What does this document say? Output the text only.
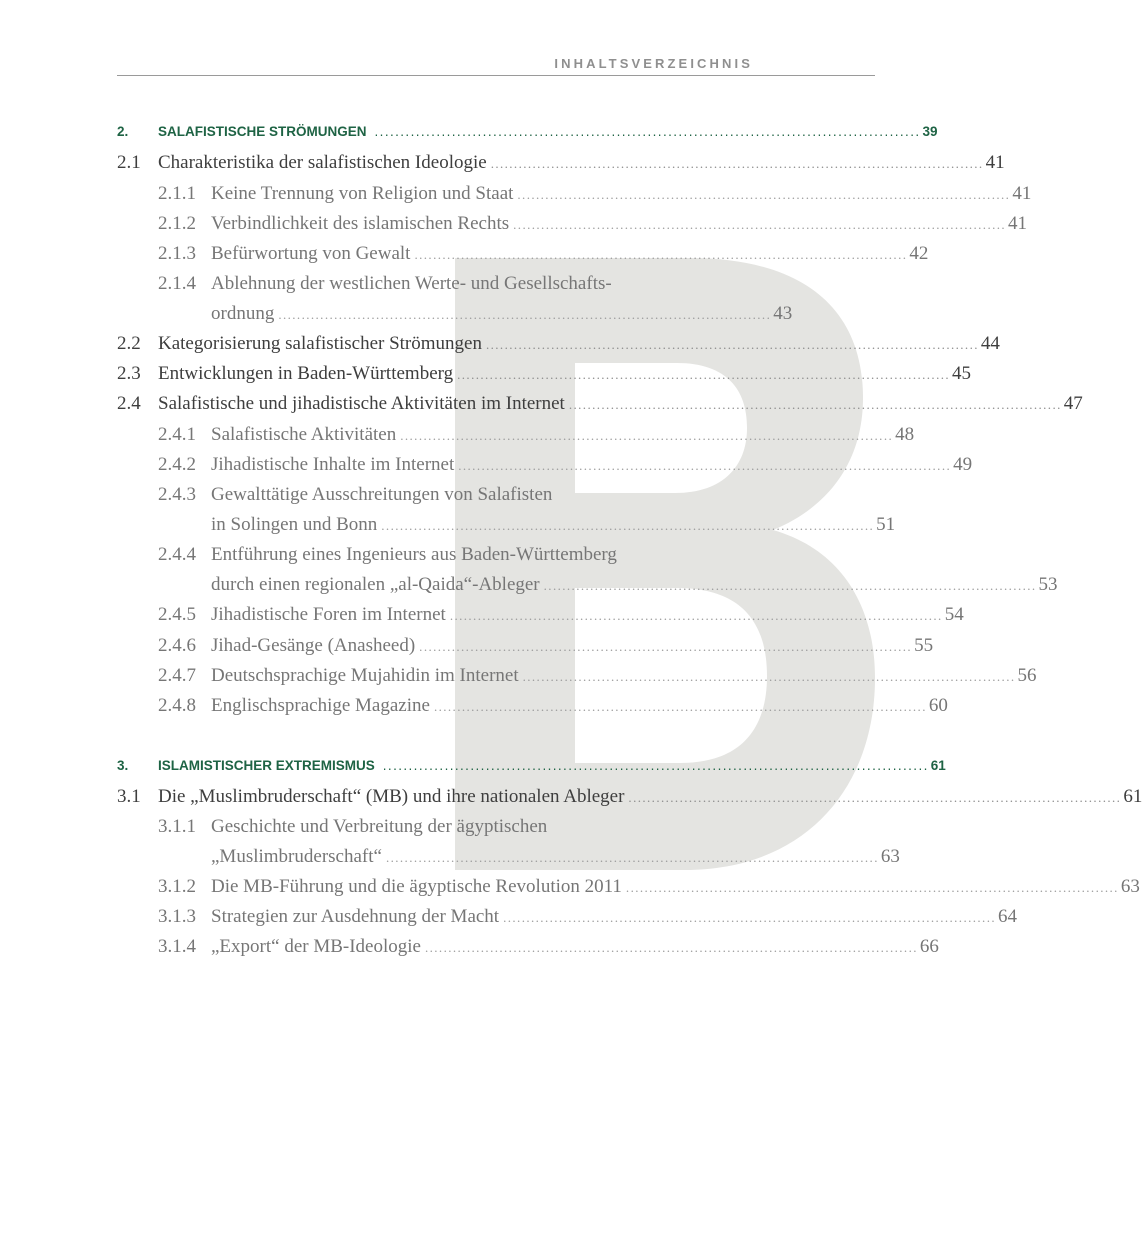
INHALTSVERZEICHNIS
2.	SALAFISTISCHE STRÖMUNGEN .......................................................................................................... 39
2.1 Charakteristika der salafistischen Ideologie .......................................................................................................... 41
2.1.1 Keine Trennung von Religion und Staat .......................................................................................................... 41
2.1.2 Verbindlichkeit des islamischen Rechts .......................................................................................................... 41
2.1.3 Befürwortung von Gewalt .......................................................................................................... 42
2.1.4 Ablehnung der westlichen Werte- und Gesellschafts-
ordnung .......................................................................................................... 43
2.2 Kategorisierung salafistischer Strömungen .......................................................................................................... 44
2.3 Entwicklungen in Baden-Württemberg .......................................................................................................... 45
2.4 Salafistische und jihadistische Aktivitäten im Internet .......................................................................................................... 47
2.4.1 Salafistische Aktivitäten .......................................................................................................... 48
2.4.2 Jihadistische Inhalte im Internet .......................................................................................................... 49
2.4.3 Gewalttätige Ausschreitungen von Salafisten
in Solingen und Bonn .......................................................................................................... 51
2.4.4 Entführung eines Ingenieurs aus Baden-Württemberg
durch einen regionalen „al-Qaida“-Ableger .......................................................................................................... 53
2.4.5 Jihadistische Foren im Internet .......................................................................................................... 54
2.4.6 Jihad-Gesänge (Anasheed) .......................................................................................................... 55
2.4.7 Deutschsprachige Mujahidin im Internet .......................................................................................................... 56
2.4.8 Englischsprachige Magazine .......................................................................................................... 60
3.	ISLAMISTISCHER EXTREMISMUS .......................................................................................................... 61
3.1 Die „Muslimbruderschaft“ (MB) und ihre nationalen Ableger .......................................................................................................... 61
3.1.1 Geschichte und Verbreitung der ägyptischen
„Muslimbruderschaft“ .......................................................................................................... 63
3.1.2 Die MB-Führung und die ägyptische Revolution 2011 .......................................................................................................... 63
3.1.3 Strategien zur Ausdehnung der Macht .......................................................................................................... 64
3.1.4 „Export“ der MB-Ideologie .......................................................................................................... 66
